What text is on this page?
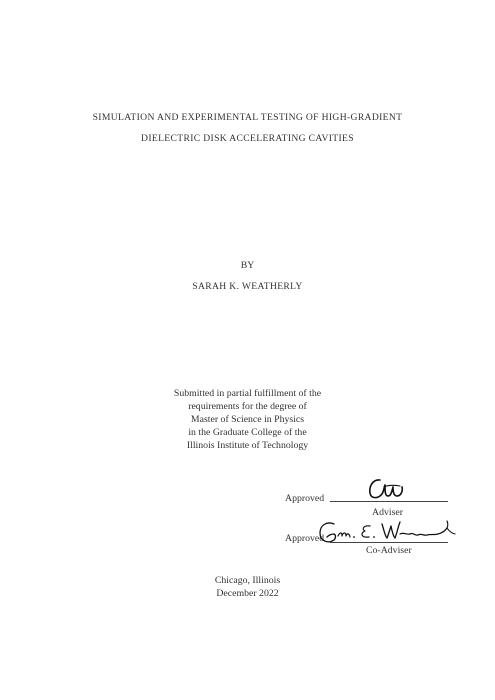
SIMULATION AND EXPERIMENTAL TESTING OF HIGH-GRADIENT
DIELECTRIC DISK ACCELERATING CAVITIES
BY
SARAH K. WEATHERLY
Submitted in partial fulfillment of the
requirements for the degree of
Master of Science in Physics
in the Graduate College of the
Illinois Institute of Technology
Approved
Adviser
Approved
Co-Adviser
Chicago, Illinois
December 2022
